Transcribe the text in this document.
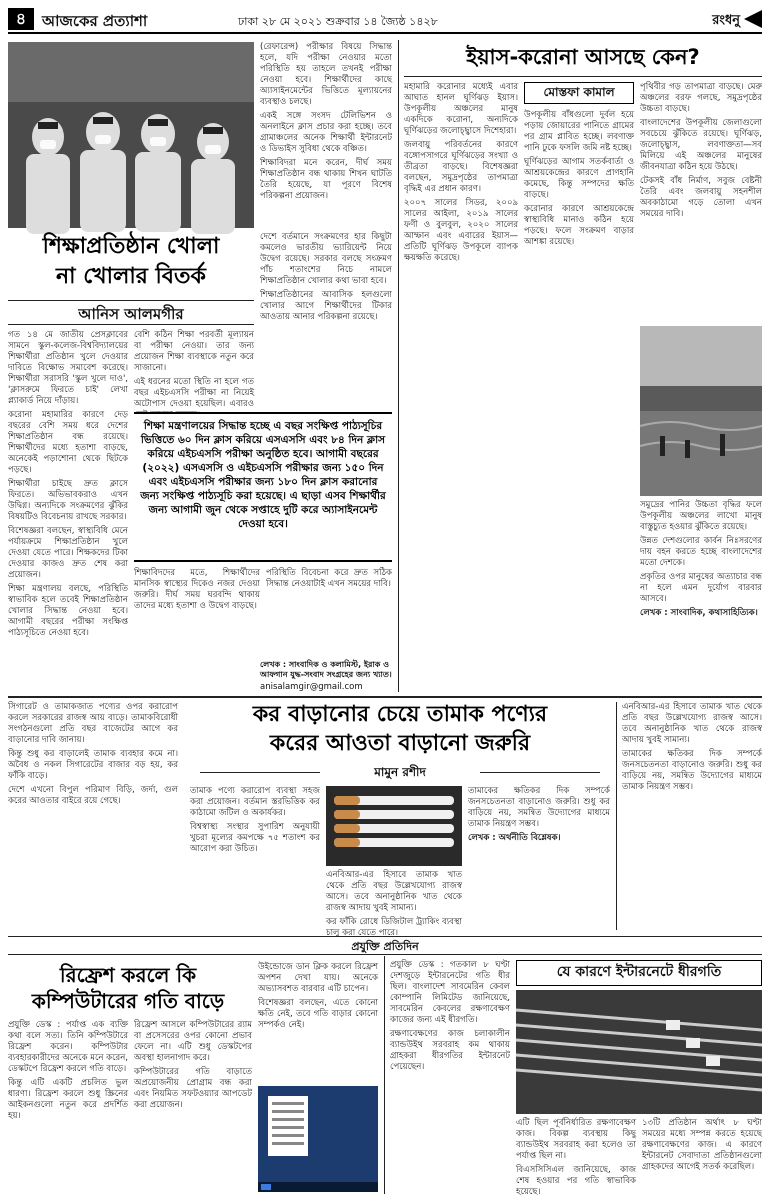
৪	আজকের প্রত্যাশা	ঢাকা ২৮ মে ২০২১ শুক্রবার ১৪ জ্যৈষ্ঠ ১৪২৮	রংধনু

(রেফারেন্স) পরীক্ষার বিষয়ে সিদ্ধান্ত হলে, যদি পরীক্ষা নেওয়ার মতো পরিস্থিতি হয় তাহলে তখনই পরীক্ষা নেওয়া হবে। শিক্ষার্থীদের কাছে অ্যাসাইনমেন্টের ভিত্তিতে মূল্যায়নের ব্যবস্থাও চলছে।

একই সঙ্গে সংসদ টেলিভিশন ও অনলাইনে ক্লাস প্রচার করা হচ্ছে। তবে গ্রামাঞ্চলের অনেক শিক্ষার্থী ইন্টারনেট ও ডিভাইস সুবিধা থেকে বঞ্চিত।

শিক্ষাবিদরা মনে করেন, দীর্ঘ সময় শিক্ষাপ্রতিষ্ঠান বন্ধ থাকায় শিখন ঘাটতি তৈরি হয়েছে, যা পূরণে বিশেষ পরিকল্পনা প্রয়োজন।

শিক্ষাপ্রতিষ্ঠান খোলা
না খোলার বিতর্ক
আনিস আলমগীর

গত ১৪ মে জাতীয় প্রেসক্লাবের সামনে স্কুল-কলেজ-বিশ্ববিদ্যালয়ের শিক্ষার্থীরা প্রতিষ্ঠান খুলে দেওয়ার দাবিতে বিক্ষোভ সমাবেশ করেছে। শিক্ষার্থীরা সরাসরি 'স্কুল খুলে দাও', 'ক্লাসরুমে ফিরতে চাই' লেখা প্ল্যাকার্ড নিয়ে দাঁড়ায়।

করোনা মহামারির কারণে দেড় বছরের বেশি সময় ধরে দেশের শিক্ষাপ্রতিষ্ঠান বন্ধ রয়েছে। শিক্ষার্থীদের মধ্যে হতাশা বাড়ছে, অনেকেই পড়াশোনা থেকে ছিটকে পড়ছে।

শিক্ষার্থীরা চাইছে দ্রুত ক্লাসে ফিরতে। অভিভাবকরাও এখন উদ্বিগ্ন। অন্যদিকে সংক্রমণের ঝুঁকির বিষয়টিও বিবেচনায় রাখছে সরকার।

বিশেষজ্ঞরা বলছেন, স্বাস্থ্যবিধি মেনে পর্যায়ক্রমে শিক্ষাপ্রতিষ্ঠান খুলে দেওয়া যেতে পারে। শিক্ষকদের টিকা দেওয়ার কাজও দ্রুত শেষ করা প্রয়োজন।

শিক্ষা মন্ত্রণালয় বলছে, পরিস্থিতি স্বাভাবিক হলে তবেই শিক্ষাপ্রতিষ্ঠান খোলার সিদ্ধান্ত নেওয়া হবে। আগামী বছরের পরীক্ষা সংক্ষিপ্ত পাঠ্যসূচিতে নেওয়া হবে।

বেশি কঠিন শিক্ষা পরবর্তী মূল্যায়ন বা পরীক্ষা নেওয়া। তার জন্য প্রয়োজন শিক্ষা ব্যবস্থাকে নতুন করে সাজানো।

এই ধরনের মতো স্থিতি না হলে গত বছর এইচএসসি পরীক্ষা না নিয়েই অটোপাস দেওয়া হয়েছিল। এবারও

শিক্ষা মন্ত্রণালয়ের সিদ্ধান্ত হচ্ছে এ বছর সংক্ষিপ্ত পাঠ্যসূচির ভিত্তিতে ৬০ দিন ক্লাস করিয়ে এসএসসি এবং ৮৪ দিন ক্লাস করিয়ে এইচএসসি পরীক্ষা অনুষ্ঠিত হবে। আগামী বছরের (২০২২) এসএসসি ও এইচএসসি পরীক্ষার জন্য ১৫০ দিন এবং এইচএসসি পরীক্ষার জন্য ১৮০ দিন ক্লাস করানোর জন্য সংক্ষিপ্ত পাঠ্যসূচি করা হয়েছে। এ ছাড়া এসব শিক্ষার্থীর জন্য আগামী জুন থেকে সপ্তাহে দুটি করে অ্যাসাইনমেন্ট দেওয়া হবে।

দেশে বর্তমানে সংক্রমণের হার কিছুটা কমলেও ভারতীয় ভ্যারিয়েন্ট নিয়ে উদ্বেগ রয়েছে। সরকার বলছে সংক্রমণ পাঁচ শতাংশের নিচে নামলে শিক্ষাপ্রতিষ্ঠান খোলার কথা ভাবা হবে।

শিক্ষাপ্রতিষ্ঠানের আবাসিক হলগুলো খোলার আগে শিক্ষার্থীদের টিকার আওতায় আনার পরিকল্পনা রয়েছে।

শিক্ষাবিদদের মতে, শিক্ষার্থীদের মানসিক স্বাস্থ্যের দিকেও নজর দেওয়া জরুরি। দীর্ঘ সময় ঘরবন্দি থাকায় তাদের মধ্যে হতাশা ও উদ্বেগ বাড়ছে।

পরিস্থিতি বিবেচনা করে দ্রুত সঠিক সিদ্ধান্ত নেওয়াটাই এখন সময়ের দাবি।

লেখক : সাংবাদিক ও কলামিস্ট, ইরাক ও আফগান যুদ্ধ-সংবাদ সংগ্রহের জন্য খ্যাত।
anisalamgir@gmail.com
ইয়াস-করোনা আসছে কেন?
মোস্তফা কামাল

মহামারি করোনার মধ্যেই এবার আঘাত হানল ঘূর্ণিঝড় ইয়াস। উপকূলীয় অঞ্চলের মানুষ একদিকে করোনা, অন্যদিকে ঘূর্ণিঝড়ের জলোচ্ছ্বাসে দিশেহারা।

জলবায়ু পরিবর্তনের কারণে বঙ্গোপসাগরে ঘূর্ণিঝড়ের সংখ্যা ও তীব্রতা বাড়ছে। বিশেষজ্ঞরা বলছেন, সমুদ্রপৃষ্ঠের তাপমাত্রা বৃদ্ধিই এর প্রধান কারণ।

২০০৭ সালের সিডর, ২০০৯ সালের আইলা, ২০১৯ সালের ফণী ও বুলবুল, ২০২০ সালের আম্ফান এবং এবারের ইয়াস—প্রতিটি ঘূর্ণিঝড় উপকূলে ব্যাপক ক্ষয়ক্ষতি করেছে।

উপকূলীয় বাঁধগুলো দুর্বল হয়ে পড়ায় জোয়ারের পানিতে গ্রামের পর গ্রাম প্লাবিত হচ্ছে। লবণাক্ত পানি ঢুকে ফসলি জমি নষ্ট হচ্ছে।

ঘূর্ণিঝড়ের আগাম সতর্কবার্তা ও আশ্রয়কেন্দ্রের কারণে প্রাণহানি কমেছে, কিন্তু সম্পদের ক্ষতি বাড়ছে।

করোনার কারণে আশ্রয়কেন্দ্রে স্বাস্থ্যবিধি মানাও কঠিন হয়ে পড়ছে। ফলে সংক্রমণ বাড়ার আশঙ্কা রয়েছে।

পৃথিবীর গড় তাপমাত্রা বাড়ছে। মেরু অঞ্চলের বরফ গলছে, সমুদ্রপৃষ্ঠের উচ্চতা বাড়ছে।

বাংলাদেশের উপকূলীয় জেলাগুলো সবচেয়ে ঝুঁকিতে রয়েছে। ঘূর্ণিঝড়, জলোচ্ছ্বাস, লবণাক্ততা—সব মিলিয়ে এই অঞ্চলের মানুষের জীবনযাত্রা কঠিন হয়ে উঠছে।

টেকসই বাঁধ নির্মাণ, সবুজ বেষ্টনী তৈরি এবং জলবায়ু সহনশীল অবকাঠামো গড়ে তোলা এখন সময়ের দাবি।

সমুদ্রের পানির উচ্চতা বৃদ্ধির ফলে উপকূলীয় অঞ্চলের লাখো মানুষ বাস্তুচ্যুত হওয়ার ঝুঁকিতে রয়েছে।

উন্নত দেশগুলোর কার্বন নিঃসরণের দায় বহন করতে হচ্ছে বাংলাদেশের মতো দেশকে।

প্রকৃতির ওপর মানুষের অত্যাচার বন্ধ না হলে এমন দুর্যোগ বারবার আসবে।

লেখক : সাংবাদিক, কথাসাহিত্যিক।

সিগারেট ও তামাকজাত পণ্যের ওপর করারোপ করলে সরকারের রাজস্ব আয় বাড়ে। তামাকবিরোধী সংগঠনগুলো প্রতি বছর বাজেটের আগে কর বাড়ানোর দাবি জানায়।

কিন্তু শুধু কর বাড়ালেই তামাক ব্যবহার কমে না। অবৈধ ও নকল সিগারেটের বাজার বড় হয়, কর ফাঁকি বাড়ে।

দেশে এখনো বিপুল পরিমাণ বিড়ি, জর্দা, গুল করের আওতার বাইরে রয়ে গেছে।

কর বাড়ানোর চেয়ে তামাক পণ্যের
করের আওতা বাড়ানো জরুরি
মামুন রশীদ

তামাক পণ্যে করারোপ ব্যবস্থা সহজ করা প্রয়োজন। বর্তমান স্তরভিত্তিক কর কাঠামো জটিল ও অকার্যকর।

বিশ্বস্বাস্থ্য সংস্থার সুপারিশ অনুযায়ী খুচরা মূল্যের কমপক্ষে ৭৫ শতাংশ কর আরোপ করা উচিত।

এনবিআর-এর হিসাবে তামাক খাত থেকে প্রতি বছর উল্লেখযোগ্য রাজস্ব আসে। তবে অনানুষ্ঠানিক খাত থেকে রাজস্ব আদায় খুবই সামান্য।

কর ফাঁকি রোধে ডিজিটাল ট্র্যাকিং ব্যবস্থা চালু করা যেতে পারে।

তামাকের ক্ষতিকর দিক সম্পর্কে জনসচেতনতা বাড়ানোও জরুরি। শুধু কর বাড়িয়ে নয়, সমন্বিত উদ্যোগের মাধ্যমে তামাক নিয়ন্ত্রণ সম্ভব।

লেখক : অর্থনীতি বিশ্লেষক।

এনবিআর-এর হিসাবে তামাক খাত থেকে প্রতি বছর উল্লেখযোগ্য রাজস্ব আসে। তবে অনানুষ্ঠানিক খাত থেকে রাজস্ব আদায় খুবই সামান্য।

তামাকের ক্ষতিকর দিক সম্পর্কে জনসচেতনতা বাড়ানোও জরুরি। শুধু কর বাড়িয়ে নয়, সমন্বিত উদ্যোগের মাধ্যমে তামাক নিয়ন্ত্রণ সম্ভব।

প্রযুক্তি প্রতিদিন
রিফ্রেশ করলে কি
কম্পিউটারের গতি বাড়ে

প্রযুক্তি ডেস্ক : পর্যাপ্ত এক ব্যক্তি কথা বলে সত্য। তিনি কম্পিউটারে রিফ্রেশ করেন। কম্পিউটার ব্যবহারকারীদের অনেকে মনে করেন, ডেস্কটপে রিফ্রেশ করলে গতি বাড়ে।

কিন্তু এটি একটি প্রচলিত ভুল ধারণা। রিফ্রেশ করলে শুধু স্ক্রিনের আইকনগুলো নতুন করে প্রদর্শিত হয়।

রিফ্রেশ আসলে কম্পিউটারের র‍্যাম বা প্রসেসরের ওপর কোনো প্রভাব ফেলে না। এটি শুধু ডেস্কটপের অবস্থা হালনাগাদ করে।

কম্পিউটারের গতি বাড়াতে অপ্রয়োজনীয় প্রোগ্রাম বন্ধ করা এবং নিয়মিত সফটওয়্যার আপডেট করা প্রয়োজন।

উইন্ডোজে ডান ক্লিক করলে রিফ্রেশ অপশন দেখা যায়। অনেকে অভ্যাসবশত বারবার এটি চাপেন।

বিশেষজ্ঞরা বলছেন, এতে কোনো ক্ষতি নেই, তবে গতি বাড়ার কোনো সম্পর্কও নেই।

প্রযুক্তি ডেস্ক : গতকাল ৮ ঘণ্টা দেশজুড়ে ইন্টারনেটের গতি ধীর ছিল। বাংলাদেশ সাবমেরিন কেবল কোম্পানি লিমিটেড জানিয়েছে, সাবমেরিন কেবলের রক্ষণাবেক্ষণ কাজের জন্য এই ধীরগতি।

রক্ষণাবেক্ষণের কাজ চলাকালীন ব্যান্ডউইথ সরবরাহ কম থাকায় গ্রাহকরা ধীরগতির ইন্টারনেট পেয়েছেন।

যে কারণে ইন্টারনেটে ধীরগতি

এটি ছিল পূর্বনির্ধারিত রক্ষণাবেক্ষণ কাজ। বিকল্প ব্যবস্থায় কিছু ব্যান্ডউইথ সরবরাহ করা হলেও তা পর্যাপ্ত ছিল না।

বিএসসিসিএল জানিয়েছে, কাজ শেষ হওয়ার পর গতি স্বাভাবিক হয়েছে।

১৩টি প্রতিষ্ঠান অর্থাৎ ৮ ঘণ্টা সময়ের মধ্যে সম্পন্ন করতে হয়েছে রক্ষণাবেক্ষণের কাজ। এ কারণে ইন্টারনেট সেবাদাতা প্রতিষ্ঠানগুলো গ্রাহকদের আগেই সতর্ক করেছিল।
